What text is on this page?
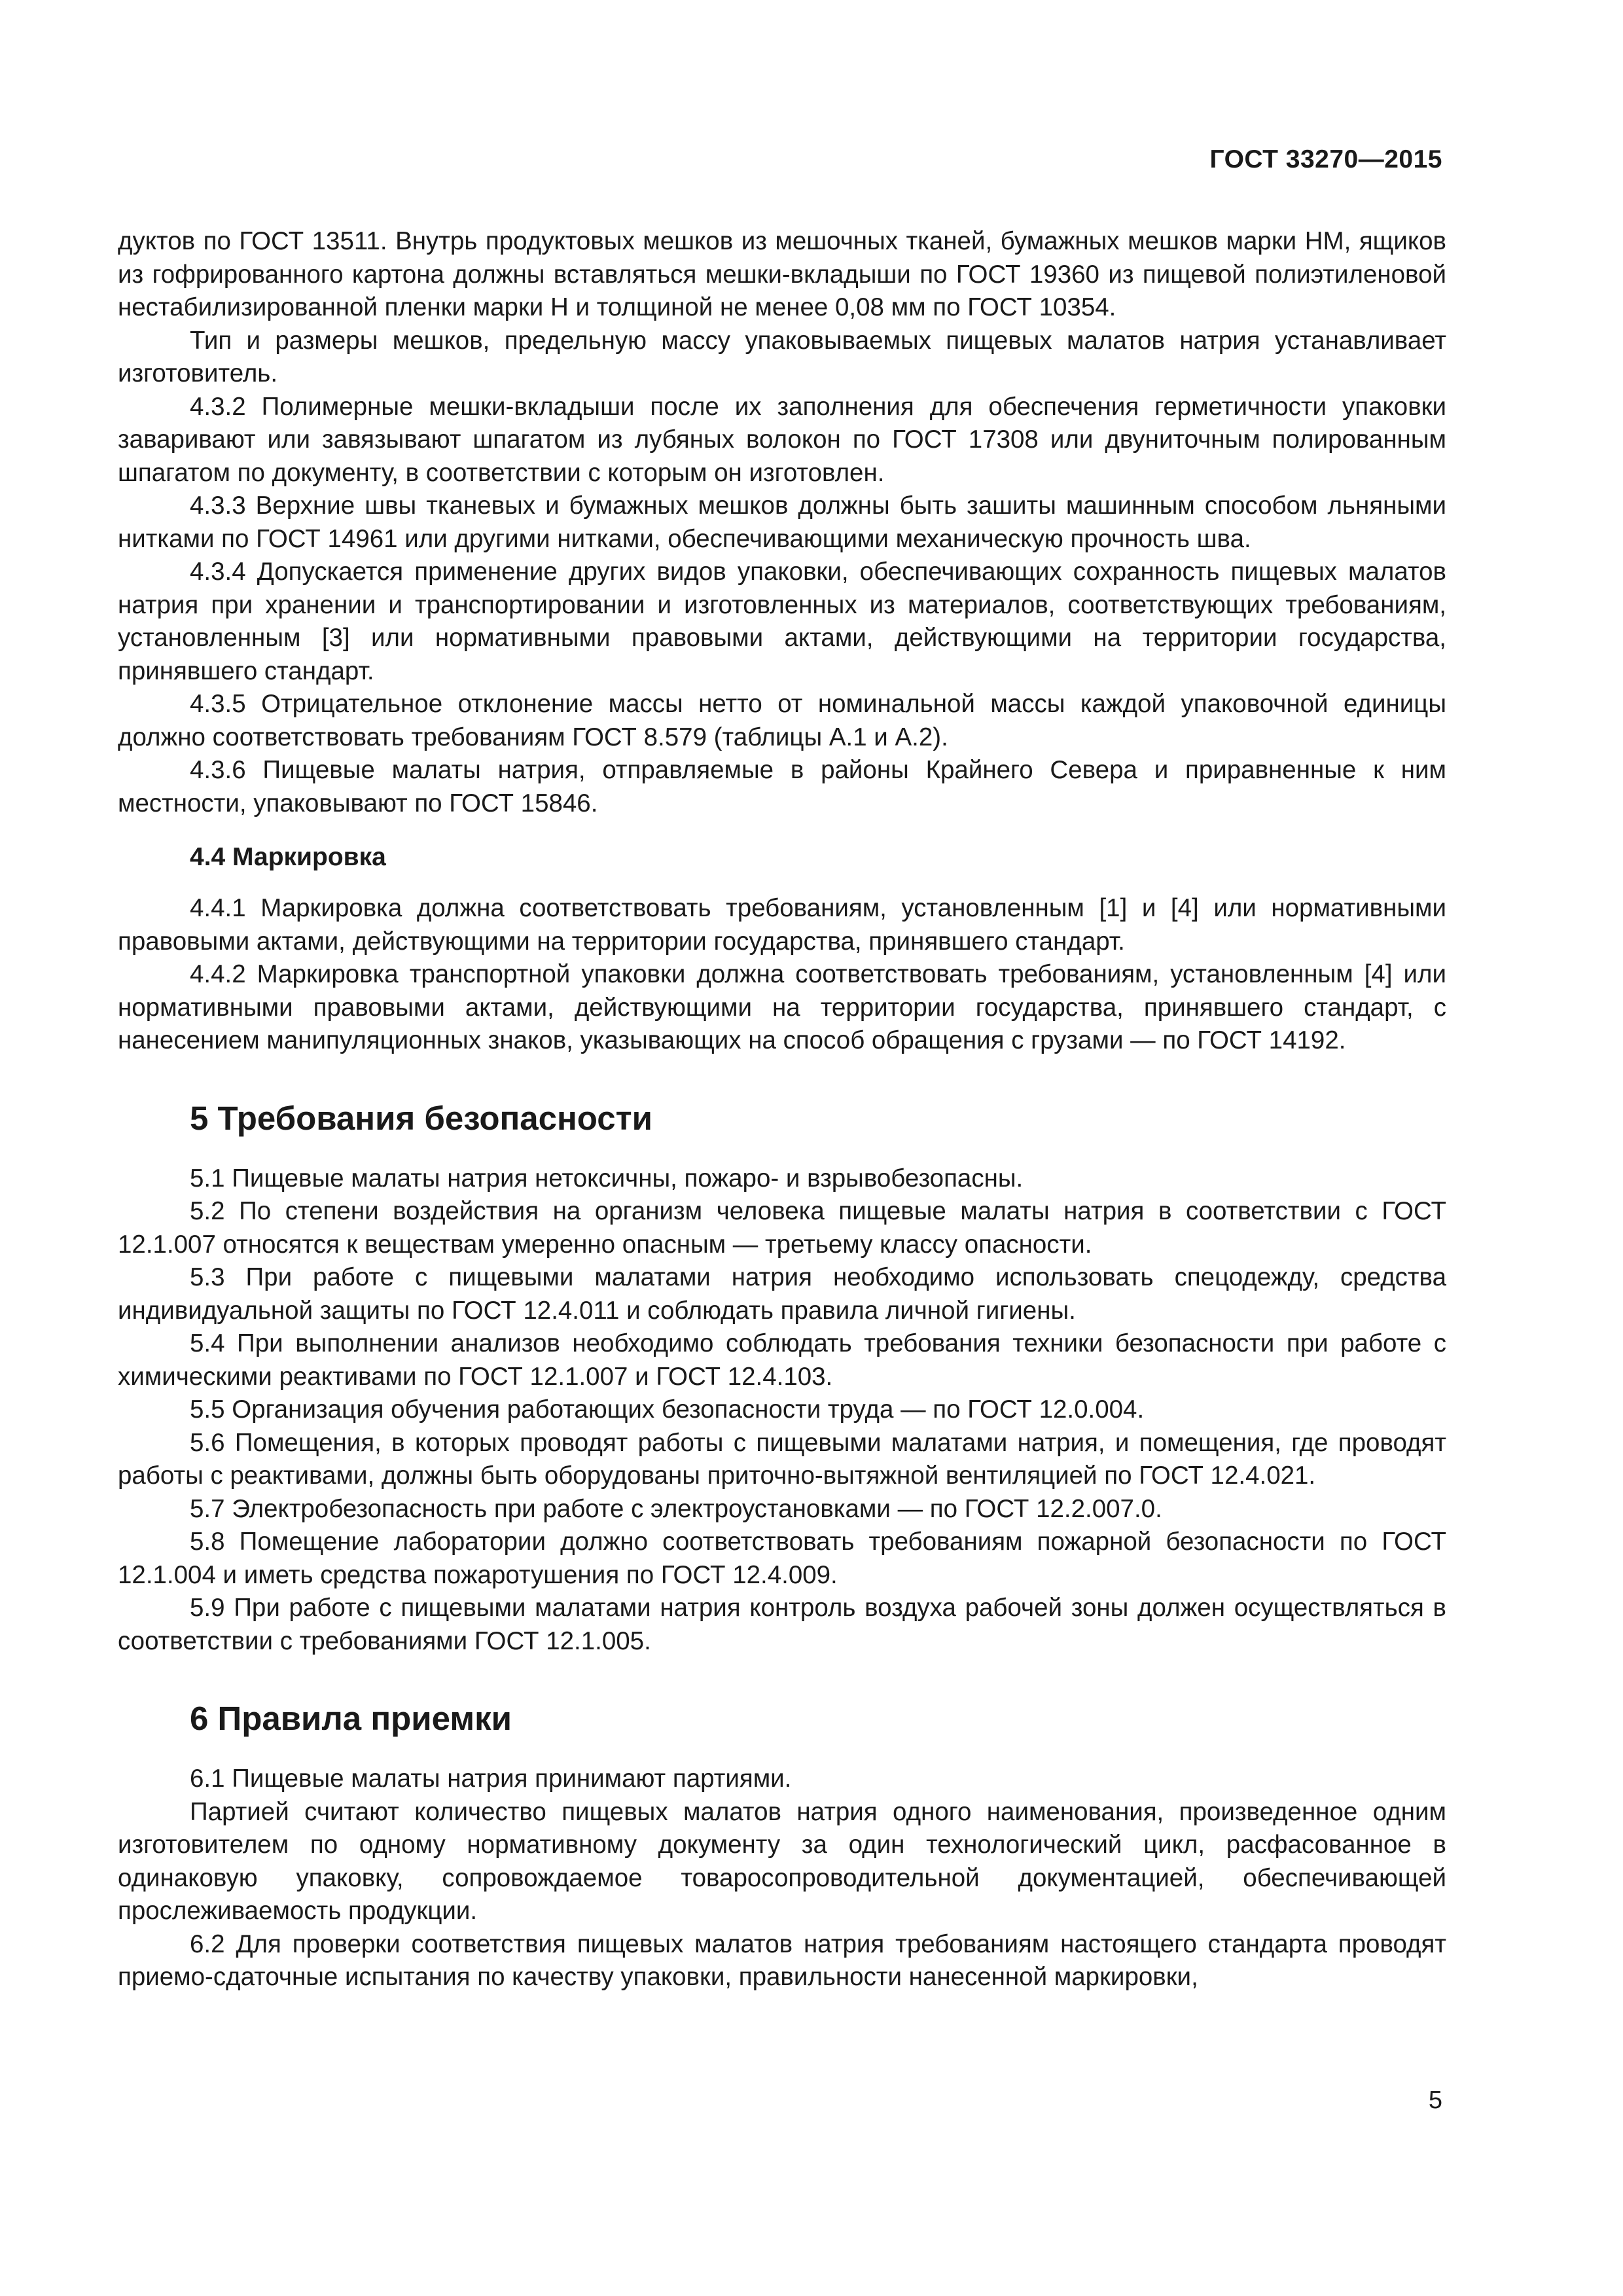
ГОСТ 33270—2015

дуктов по ГОСТ 13511. Внутрь продуктовых мешков из мешочных тканей, бумажных мешков марки НМ, ящиков из гофрированного картона должны вставляться мешки-вкладыши по ГОСТ 19360 из пищевой полиэтиленовой нестабилизированной пленки марки Н и толщиной не менее 0,08 мм по ГОСТ 10354.

Тип и размеры мешков, предельную массу упаковываемых пищевых малатов натрия устанавливает изготовитель.

4.3.2 Полимерные мешки-вкладыши после их заполнения для обеспечения герметичности упаковки заваривают или завязывают шпагатом из лубяных волокон по ГОСТ 17308 или двуниточным полированным шпагатом по документу, в соответствии с которым он изготовлен.

4.3.3 Верхние швы тканевых и бумажных мешков должны быть зашиты машинным способом льняными нитками по ГОСТ 14961 или другими нитками, обеспечивающими механическую прочность шва.

4.3.4 Допускается применение других видов упаковки, обеспечивающих сохранность пищевых малатов натрия при хранении и транспортировании и изготовленных из материалов, соответствующих требованиям, установленным [3] или нормативными правовыми актами, действующими на территории государства, принявшего стандарт.

4.3.5 Отрицательное отклонение массы нетто от номинальной массы каждой упаковочной единицы должно соответствовать требованиям ГОСТ 8.579 (таблицы А.1 и А.2).

4.3.6 Пищевые малаты натрия, отправляемые в районы Крайнего Севера и приравненные к ним местности, упаковывают по ГОСТ 15846.

4.4 Маркировка

4.4.1 Маркировка должна соответствовать требованиям, установленным [1] и [4] или нормативными правовыми актами, действующими на территории государства, принявшего стандарт.

4.4.2 Маркировка транспортной упаковки должна соответствовать требованиям, установленным [4] или нормативными правовыми актами, действующими на территории государства, принявшего стандарт, с нанесением манипуляционных знаков, указывающих на способ обращения с грузами — по ГОСТ 14192.

5 Требования безопасности

5.1 Пищевые малаты натрия нетоксичны, пожаро- и взрывобезопасны.

5.2 По степени воздействия на организм человека пищевые малаты натрия в соответствии с ГОСТ 12.1.007 относятся к веществам умеренно опасным — третьему классу опасности.

5.3 При работе с пищевыми малатами натрия необходимо использовать спецодежду, средства индивидуальной защиты по ГОСТ 12.4.011 и соблюдать правила личной гигиены.

5.4 При выполнении анализов необходимо соблюдать требования техники безопасности при работе с химическими реактивами по ГОСТ 12.1.007 и ГОСТ 12.4.103.

5.5 Организация обучения работающих безопасности труда — по ГОСТ 12.0.004.

5.6 Помещения, в которых проводят работы с пищевыми малатами натрия, и помещения, где проводят работы с реактивами, должны быть оборудованы приточно-вытяжной вентиляцией по ГОСТ 12.4.021.

5.7 Электробезопасность при работе с электроустановками — по ГОСТ 12.2.007.0.

5.8 Помещение лаборатории должно соответствовать требованиям пожарной безопасности по ГОСТ 12.1.004 и иметь средства пожаротушения по ГОСТ 12.4.009.

5.9 При работе с пищевыми малатами натрия контроль воздуха рабочей зоны должен осуществляться в соответствии с требованиями ГОСТ 12.1.005.

6 Правила приемки

6.1 Пищевые малаты натрия принимают партиями.

Партией считают количество пищевых малатов натрия одного наименования, произведенное одним изготовителем по одному нормативному документу за один технологический цикл, расфасованное в одинаковую упаковку, сопровождаемое товаросопроводительной документацией, обеспечивающей прослеживаемость продукции.

6.2 Для проверки соответствия пищевых малатов натрия требованиям настоящего стандарта проводят приемо-сдаточные испытания по качеству упаковки, правильности нанесенной маркировки,

5
